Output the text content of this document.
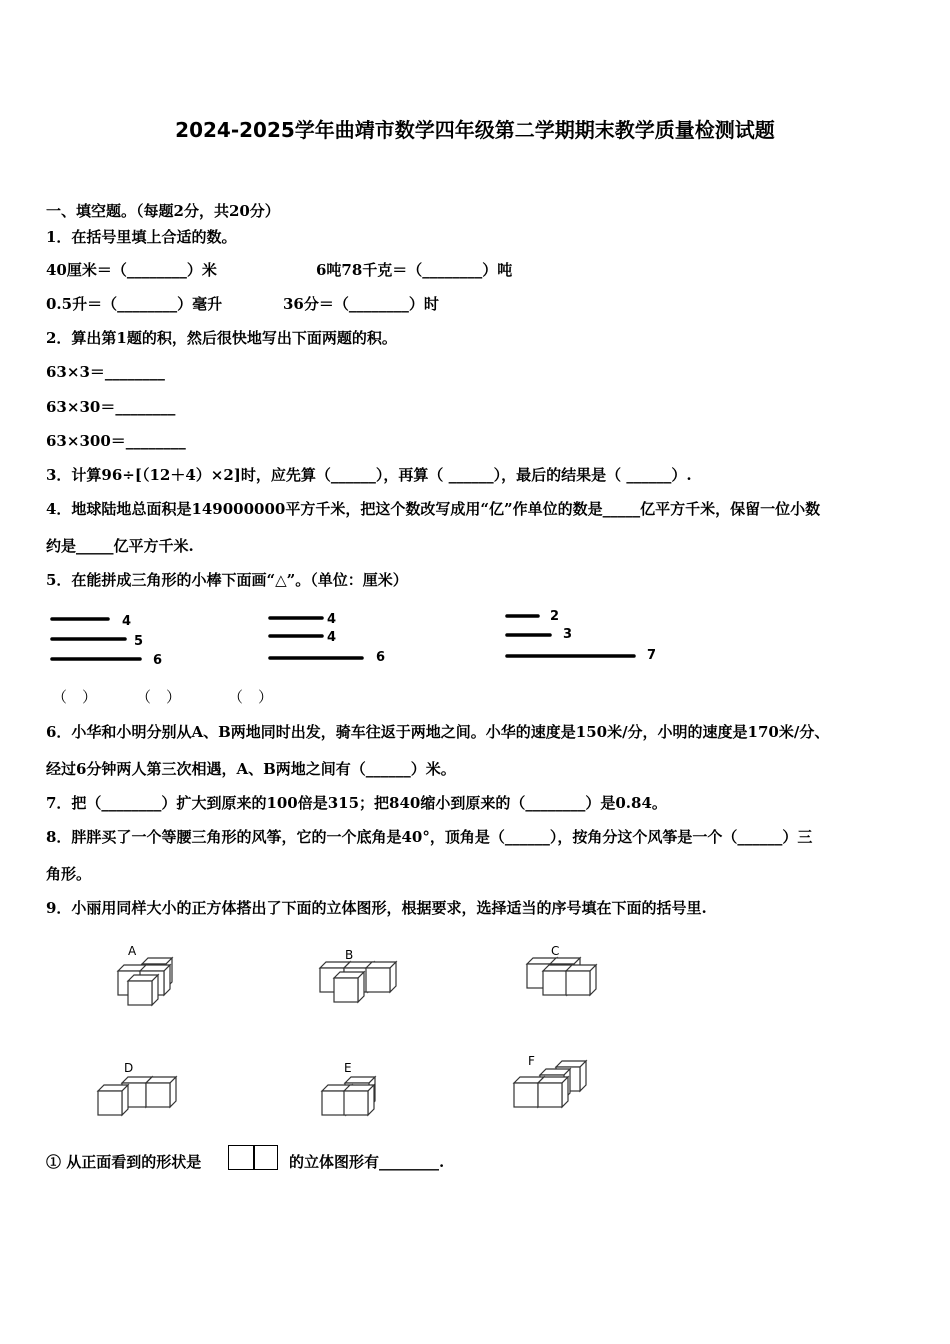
2024-2025学年曲靖市数学四年级第二学期期末教学质量检测试题
一、填空题。（每题2分，共20分）
1．在括号里填上合适的数。
40厘米＝（________）米	6吨78千克＝（________）吨
0.5升＝（________）毫升	36分＝（________）时
2．算出第1题的积，然后很快地写出下面两题的积。
63×3＝________
63×30＝________
63×300＝________
3．计算96÷[（12＋4）×2]时，应先算（______），再算（ ______），最后的结果是（ ______）.
4．地球陆地总面积是149000000平方千米，把这个数改写成用“亿”作单位的数是_____亿平方千米，保留一位小数
约是_____亿平方千米.
5．在能拼成三角形的小棒下面画“△”。（单位：厘米）
4
5
6
4
4
6
2
3
7
（　）	（　）	（　）
6．小华和小明分别从A、B两地同时出发，骑车往返于两地之间。小华的速度是150米/分，小明的速度是170米/分、
经过6分钟两人第三次相遇，A、B两地之间有（______）米。
7．把（________）扩大到原来的100倍是315；把840缩小到原来的（________）是0.84。
8．胖胖买了一个等腰三角形的风筝，它的一个底角是40°，顶角是（______），按角分这个风筝是一个（______）三
角形。
9．小丽用同样大小的正方体搭出了下面的立体图形，根据要求，选择适当的序号填在下面的括号里.
A	B	C
D	E	F
① 从正面看到的形状是	的立体图形有________.
